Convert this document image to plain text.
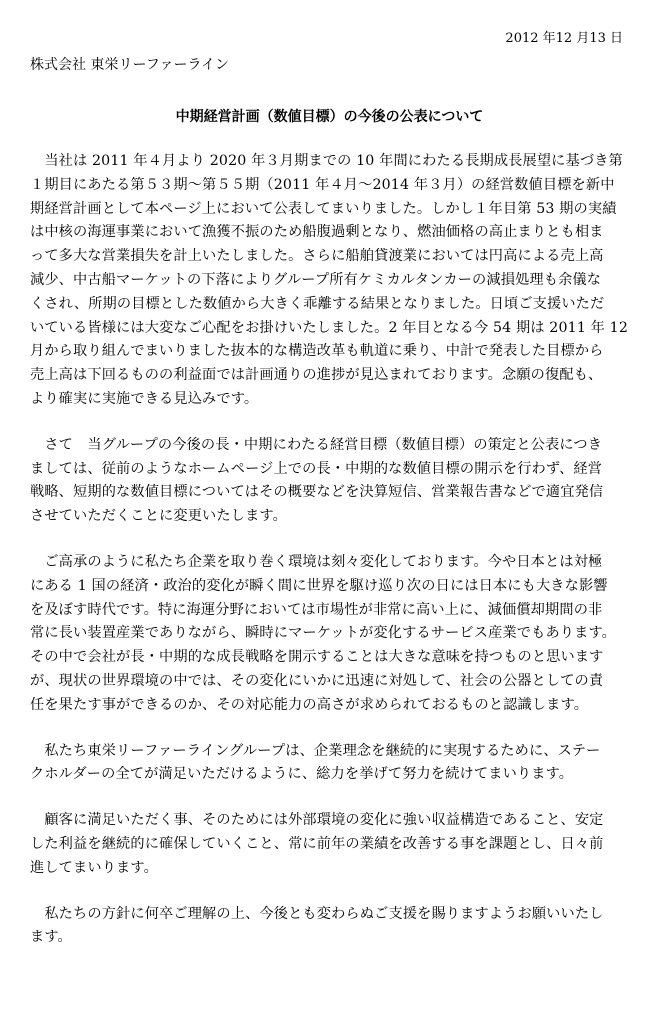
2012 年12 月13 日
株式会社 東栄リーファーライン
中期経営計画（数値目標）の今後の公表について
　当社は 2011 年４月より 2020 年３月期までの 10 年間にわたる長期成長展望に基づき第
１期目にあたる第５３期～第５５期（2011 年４月～2014 年３月）の経営数値目標を新中
期経営計画として本ページ上において公表してまいりました。しかし１年目第 53 期の実績
は中核の海運事業において漁獲不振のため船腹過剰となり、燃油価格の高止まりとも相ま
って多大な営業損失を計上いたしました。さらに船舶貸渡業においては円高による売上高
減少、中古船マーケットの下落によりグループ所有ケミカルタンカーの減損処理も余儀な
くされ、所期の目標とした数値から大きく乖離する結果となりました。日頃ご支援いただ
いている皆様には大変なご心配をお掛けいたしました。2 年目となる今 54 期は 2011 年 12
月から取り組んでまいりました抜本的な構造改革も軌道に乗り、中計で発表した目標から
売上高は下回るものの利益面では計画通りの進捗が見込まれております。念願の復配も、
より確実に実施できる見込みです。
　さて　当グループの今後の長・中期にわたる経営目標（数値目標）の策定と公表につき
ましては、従前のようなホームページ上での長・中期的な数値目標の開示を行わず、経営
戦略、短期的な数値目標についてはその概要などを決算短信、営業報告書などで適宜発信
させていただくことに変更いたします。
　ご高承のように私たち企業を取り巻く環境は刻々変化しております。今や日本とは対極
にある 1 国の経済・政治的変化が瞬く間に世界を駆け巡り次の日には日本にも大きな影響
を及ぼす時代です。特に海運分野においては市場性が非常に高い上に、減価償却期間の非
常に長い装置産業でありながら、瞬時にマーケットが変化するサービス産業でもあります。
その中で会社が長・中期的な成長戦略を開示することは大きな意味を持つものと思います
が、現状の世界環境の中では、その変化にいかに迅速に対処して、社会の公器としての責
任を果たす事ができるのか、その対応能力の高さが求められておるものと認識します。
　私たち東栄リーファーライングループは、企業理念を継続的に実現するために、ステー
クホルダーの全てが満足いただけるように、総力を挙げて努力を続けてまいります。
　顧客に満足いただく事、そのためには外部環境の変化に強い収益構造であること、安定
した利益を継続的に確保していくこと、常に前年の業績を改善する事を課題とし、日々前
進してまいります。
　私たちの方針に何卒ご理解の上、今後とも変わらぬご支援を賜りますようお願いいたし
ます。
